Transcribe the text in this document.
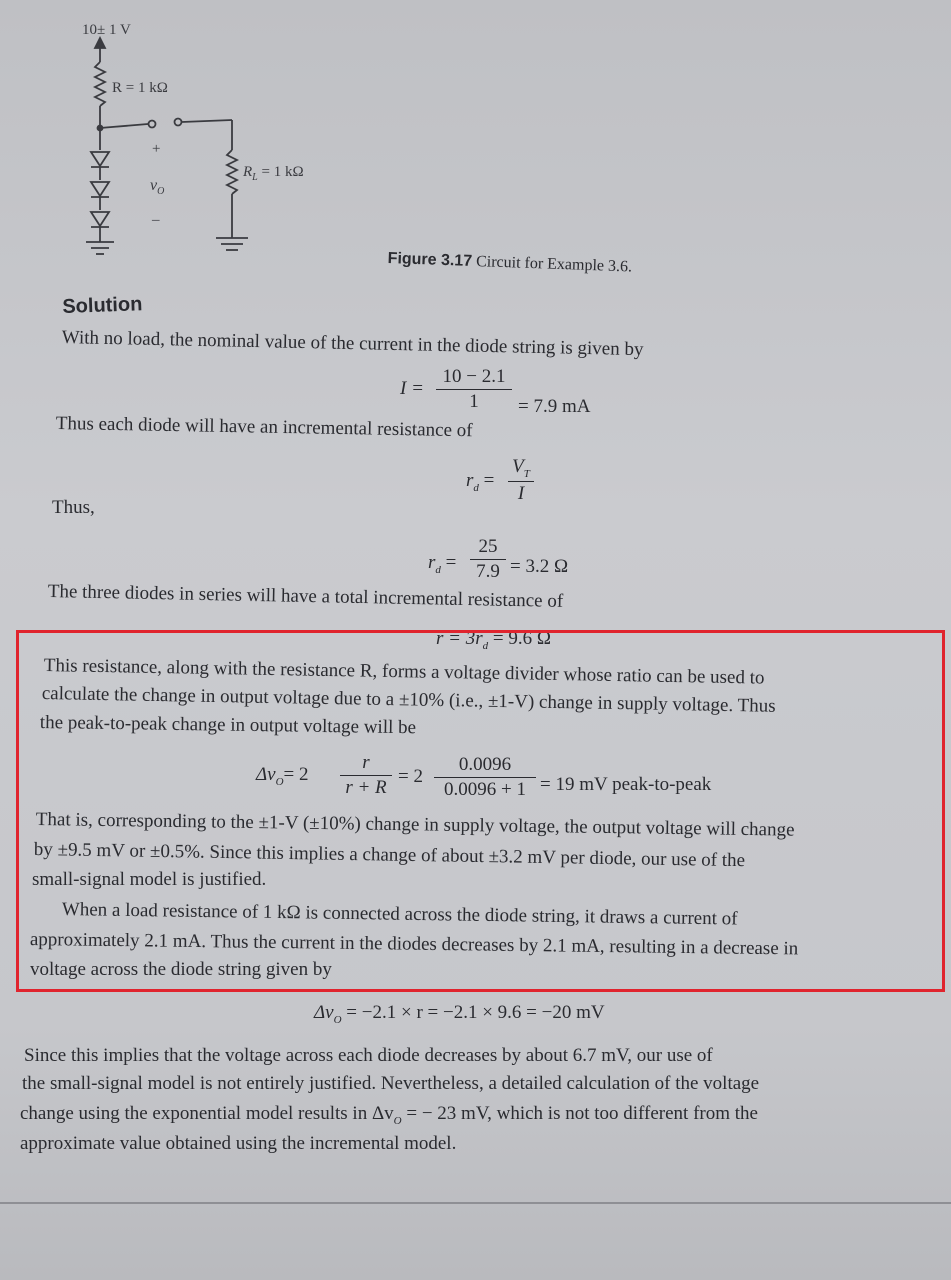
10± 1 V
R = 1 kΩ
$R_L = 1$ kΩ
+
$v_O$
–
Figure 3.17 Circuit for Example 3.6.
Solution
With no load, the nominal value of the current in the diode string is given by
I =
10 − 2.1
1	= 7.9 mA
Thus each diode will have an incremental resistance of
$r_d$ =
$V_T$
I
Thus,
$r_d$ =
25
7.9 = 3.2 Ω
The three diodes in series will have a total incremental resistance of
$r = 3r_d = 9.6$ Ω
This resistance, along with the resistance R, forms a voltage divider whose ratio can be used to
calculate the change in output voltage due to a ±10% (i.e., ±1-V) change in supply voltage. Thus
the peak-to-peak change in output voltage will be
$\Delta v_O= 2$
r
r + R
= 2
0.0096
0.0096 + 1 = 19 mV peak-to-peak
That is, corresponding to the ±1-V (±10%) change in supply voltage, the output voltage will change
by ±9.5 mV or ±0.5%. Since this implies a change of about ±3.2 mV per diode, our use of the
small-signal model is justified.
When a load resistance of 1 kΩ is connected across the diode string, it draws a current of
approximately 2.1 mA. Thus the current in the diodes decreases by 2.1 mA, resulting in a decrease in
voltage across the diode string given by
$\Delta v_O = -2.1 \times r = -2.1 \times 9.6 = -20$ mV
Since this implies that the voltage across each diode decreases by about 6.7 mV, our use of
the small-signal model is not entirely justified. Nevertheless, a detailed calculation of the voltage
change using the exponential model results in $\Delta v_O$ = − 23 mV, which is not too different from the
approximate value obtained using the incremental model.
